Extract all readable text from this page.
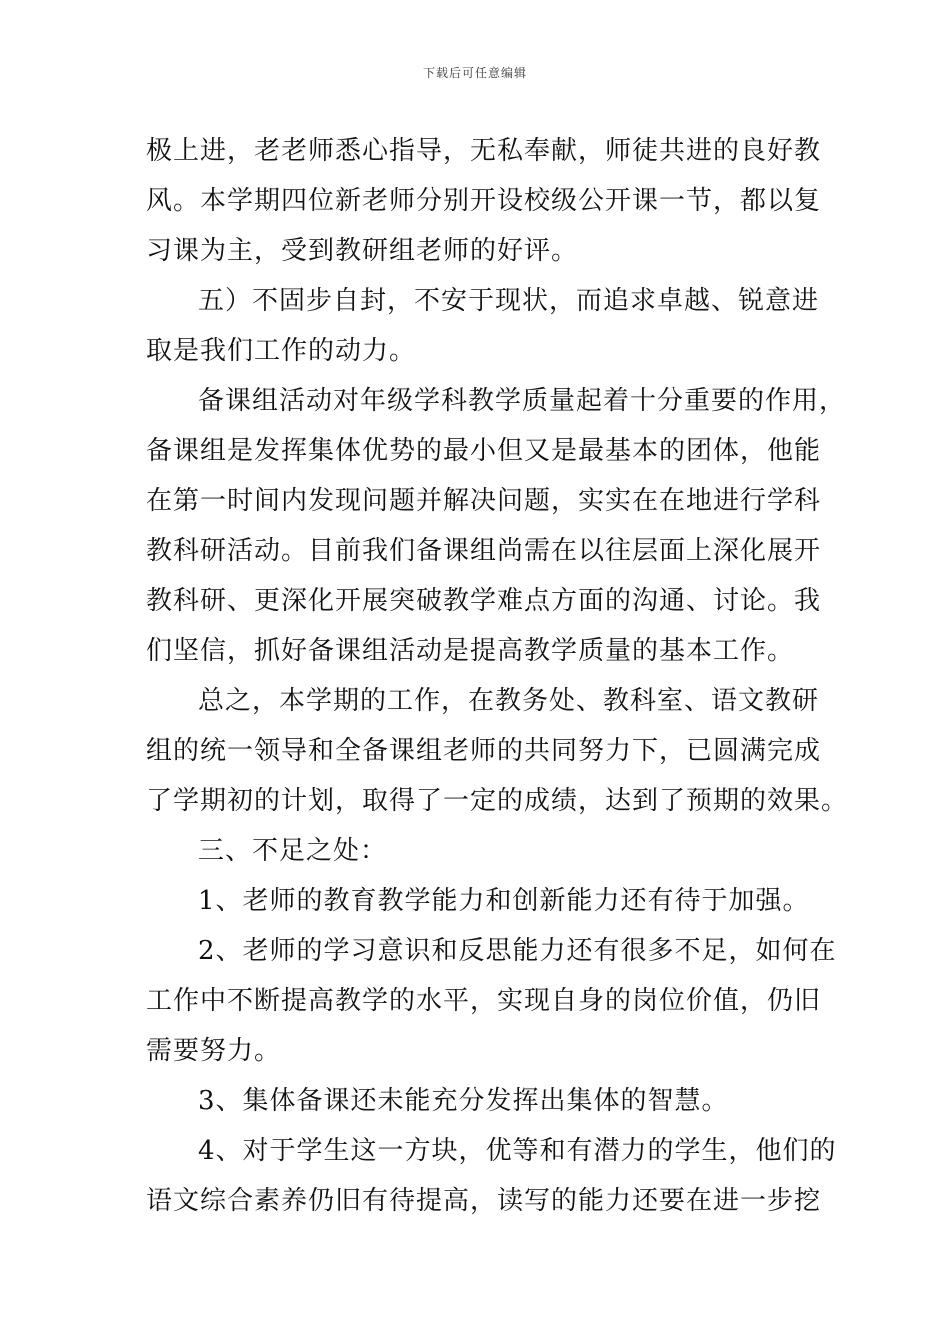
下载后可任意编辑
极上进，老老师悉心指导，无私奉献，师徒共进的良好教
风。本学期四位新老师分别开设校级公开课一节，都以复
习课为主，受到教研组老师的好评。
五）不固步自封，不安于现状，而追求卓越、锐意进
取是我们工作的动力。
备课组活动对年级学科教学质量起着十分重要的作用，
备课组是发挥集体优势的最小但又是最基本的团体，他能
在第一时间内发现问题并解决问题，实实在在地进行学科
教科研活动。目前我们备课组尚需在以往层面上深化展开
教科研、更深化开展突破教学难点方面的沟通、讨论。我
们坚信，抓好备课组活动是提高教学质量的基本工作。
总之，本学期的工作，在教务处、教科室、语文教研
组的统一领导和全备课组老师的共同努力下，已圆满完成
了学期初的计划，取得了一定的成绩，达到了预期的效果。
三、不足之处：
1、老师的教育教学能力和创新能力还有待于加强。
2、老师的学习意识和反思能力还有很多不足，如何在
工作中不断提高教学的水平，实现自身的岗位价值，仍旧
需要努力。
3、集体备课还未能充分发挥出集体的智慧。
4、对于学生这一方块，优等和有潜力的学生，他们的
语文综合素养仍旧有待提高，读写的能力还要在进一步挖
